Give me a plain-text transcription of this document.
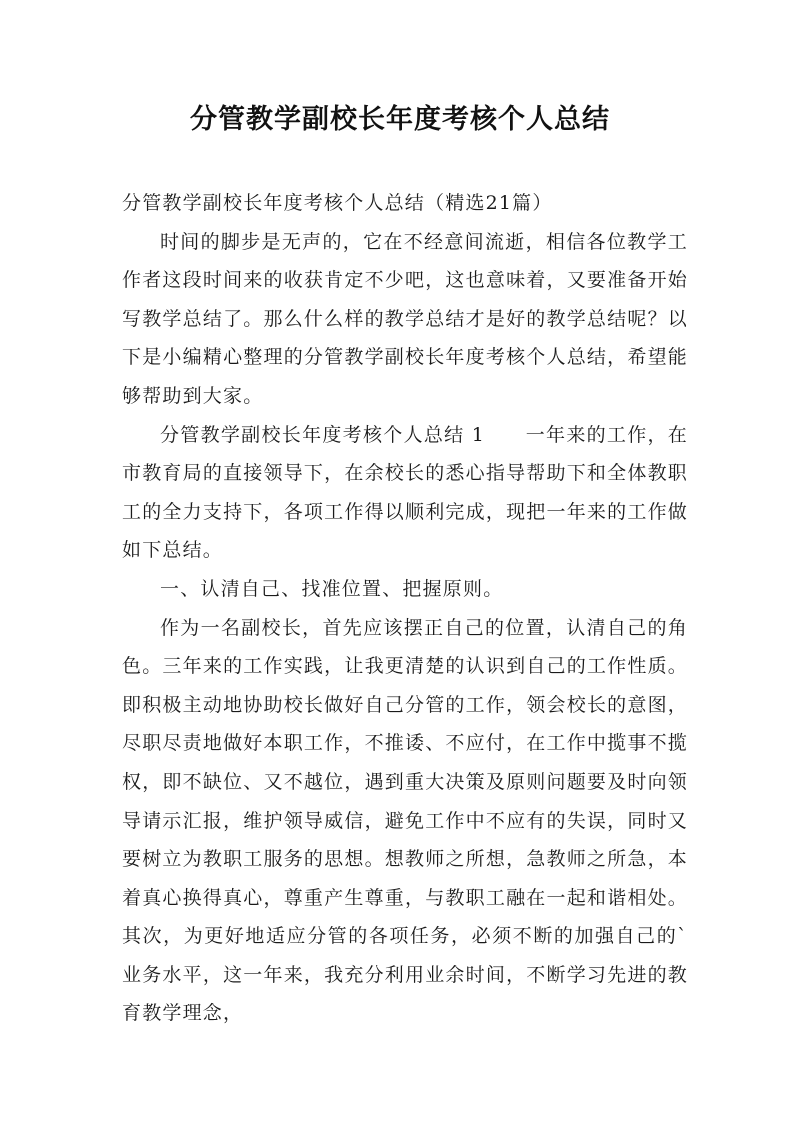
分管教学副校长年度考核个人总结

分管教学副校长年度考核个人总结（精选21篇）

时间的脚步是无声的，它在不经意间流逝，相信各位教学工作者这段时间来的收获肯定不少吧，这也意味着，又要准备开始写教学总结了。那么什么样的教学总结才是好的教学总结呢？以下是小编精心整理的分管教学副校长年度考核个人总结，希望能够帮助到大家。

分管教学副校长年度考核个人总结 1　　一年来的工作，在市教育局的直接领导下，在余校长的悉心指导帮助下和全体教职工的全力支持下，各项工作得以顺利完成，现把一年来的工作做如下总结。

一、认清自己、找准位置、把握原则。

作为一名副校长，首先应该摆正自己的位置，认清自己的角色。三年来的工作实践，让我更清楚的认识到自己的工作性质。即积极主动地协助校长做好自己分管的工作，领会校长的意图，尽职尽责地做好本职工作，不推诿、不应付，在工作中揽事不揽权，即不缺位、又不越位，遇到重大决策及原则问题要及时向领导请示汇报，维护领导威信，避免工作中不应有的失误，同时又要树立为教职工服务的思想。想教师之所想，急教师之所急，本着真心换得真心，尊重产生尊重，与教职工融在一起和谐相处。其次，为更好地适应分管的各项任务，必须不断的加强自己的`业务水平，这一年来，我充分利用业余时间，不断学习先进的教育教学理念，
